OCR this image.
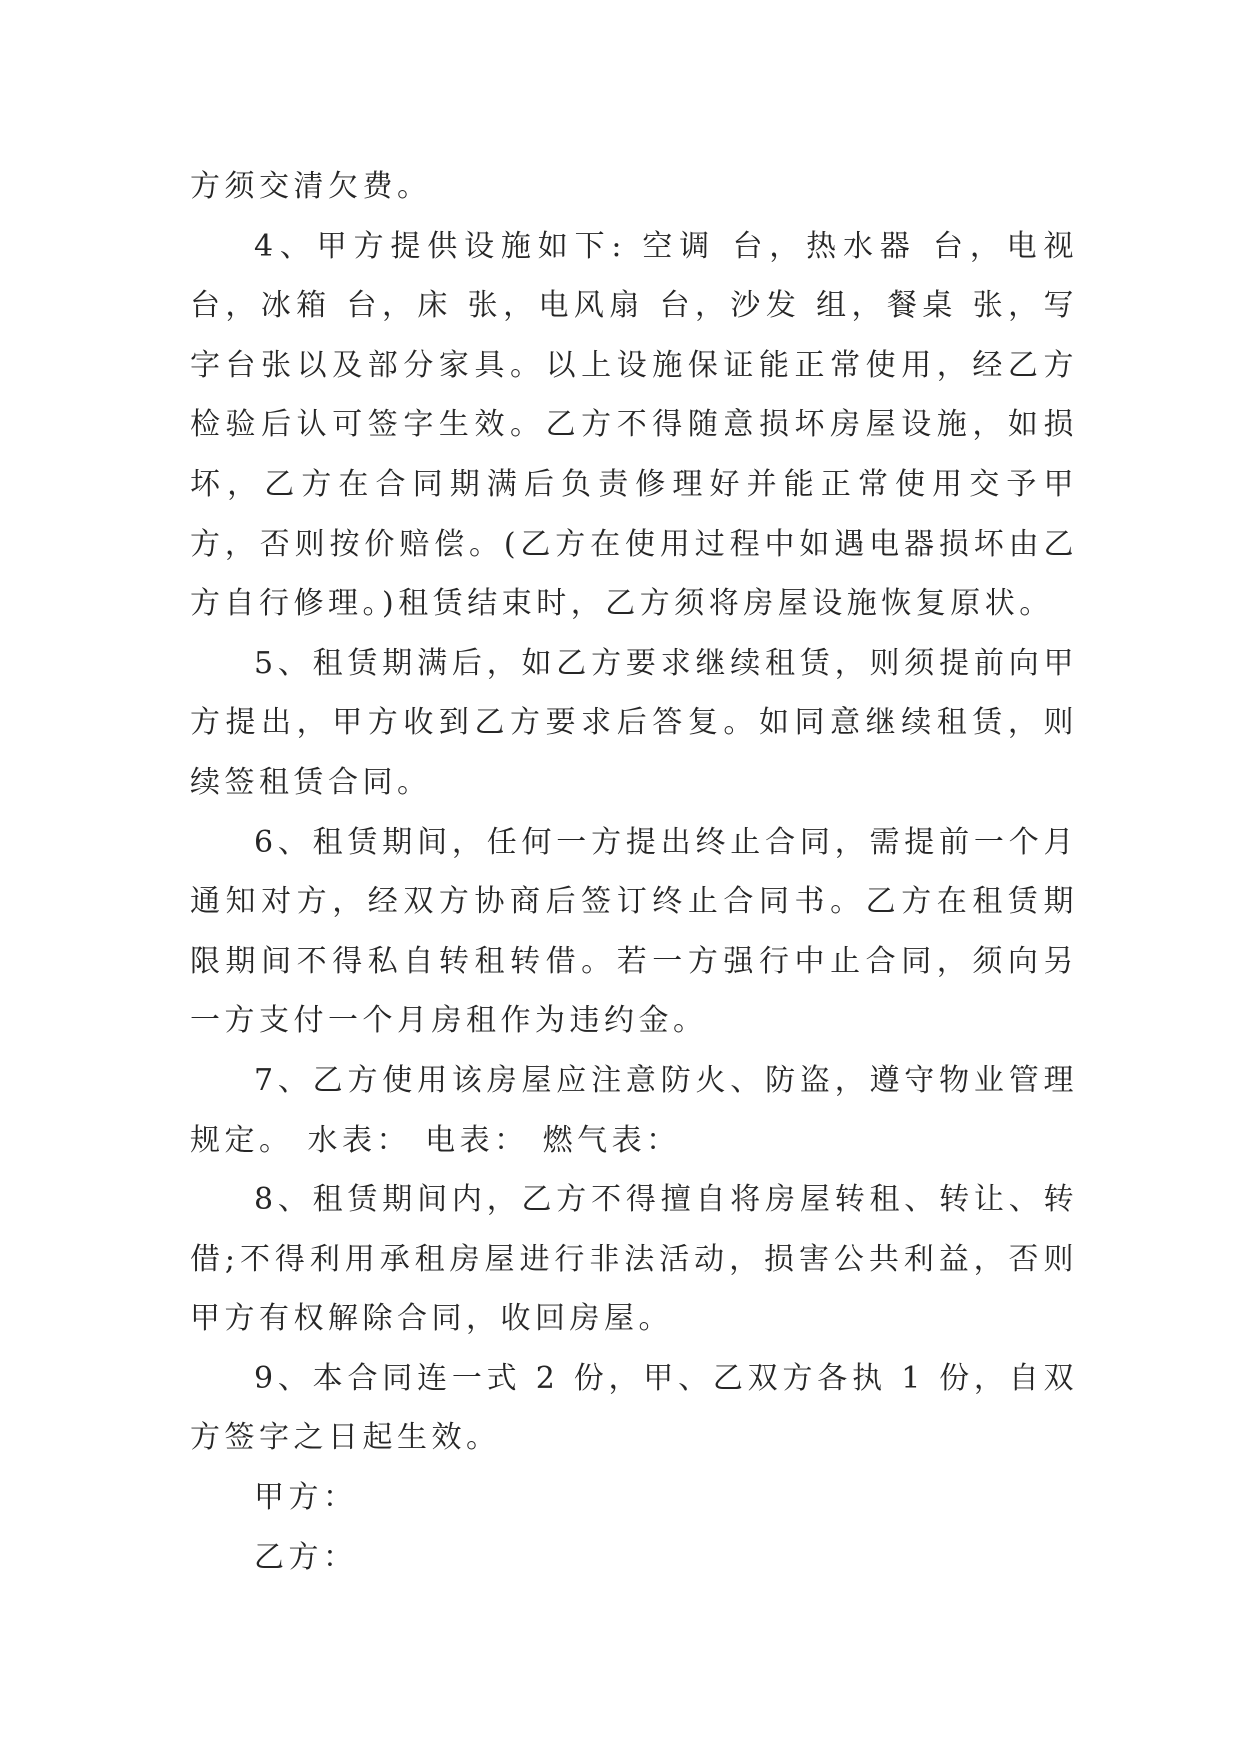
方须交清欠费。

4、甲方提供设施如下: 空调 台，热水器 台，电视 台，冰箱 台，床 张，电风扇 台，沙发 组，餐桌 张，写字台张以及部分家具。以上设施保证能正常使用，经乙方检验后认可签字生效。乙方不得随意损坏房屋设施，如损坏，乙方在合同期满后负责修理好并能正常使用交予甲方，否则按价赔偿。(乙方在使用过程中如遇电器损坏由乙方自行修理。)租赁结束时，乙方须将房屋设施恢复原状。

5、租赁期满后，如乙方要求继续租赁，则须提前向甲方提出，甲方收到乙方要求后答复。如同意继续租赁，则续签租赁合同。

6、租赁期间，任何一方提出终止合同，需提前一个月通知对方，经双方协商后签订终止合同书。乙方在租赁期限期间不得私自转租转借。若一方强行中止合同，须向另一方支付一个月房租作为违约金。

7、乙方使用该房屋应注意防火、防盗，遵守物业管理规定。 水表： 电表： 燃气表：

8、租赁期间内，乙方不得擅自将房屋转租、转让、转借;不得利用承租房屋进行非法活动，损害公共利益，否则甲方有权解除合同，收回房屋。

9、本合同连一式 2 份，甲、乙双方各执 1 份，自双方签字之日起生效。

甲方：

乙方：
